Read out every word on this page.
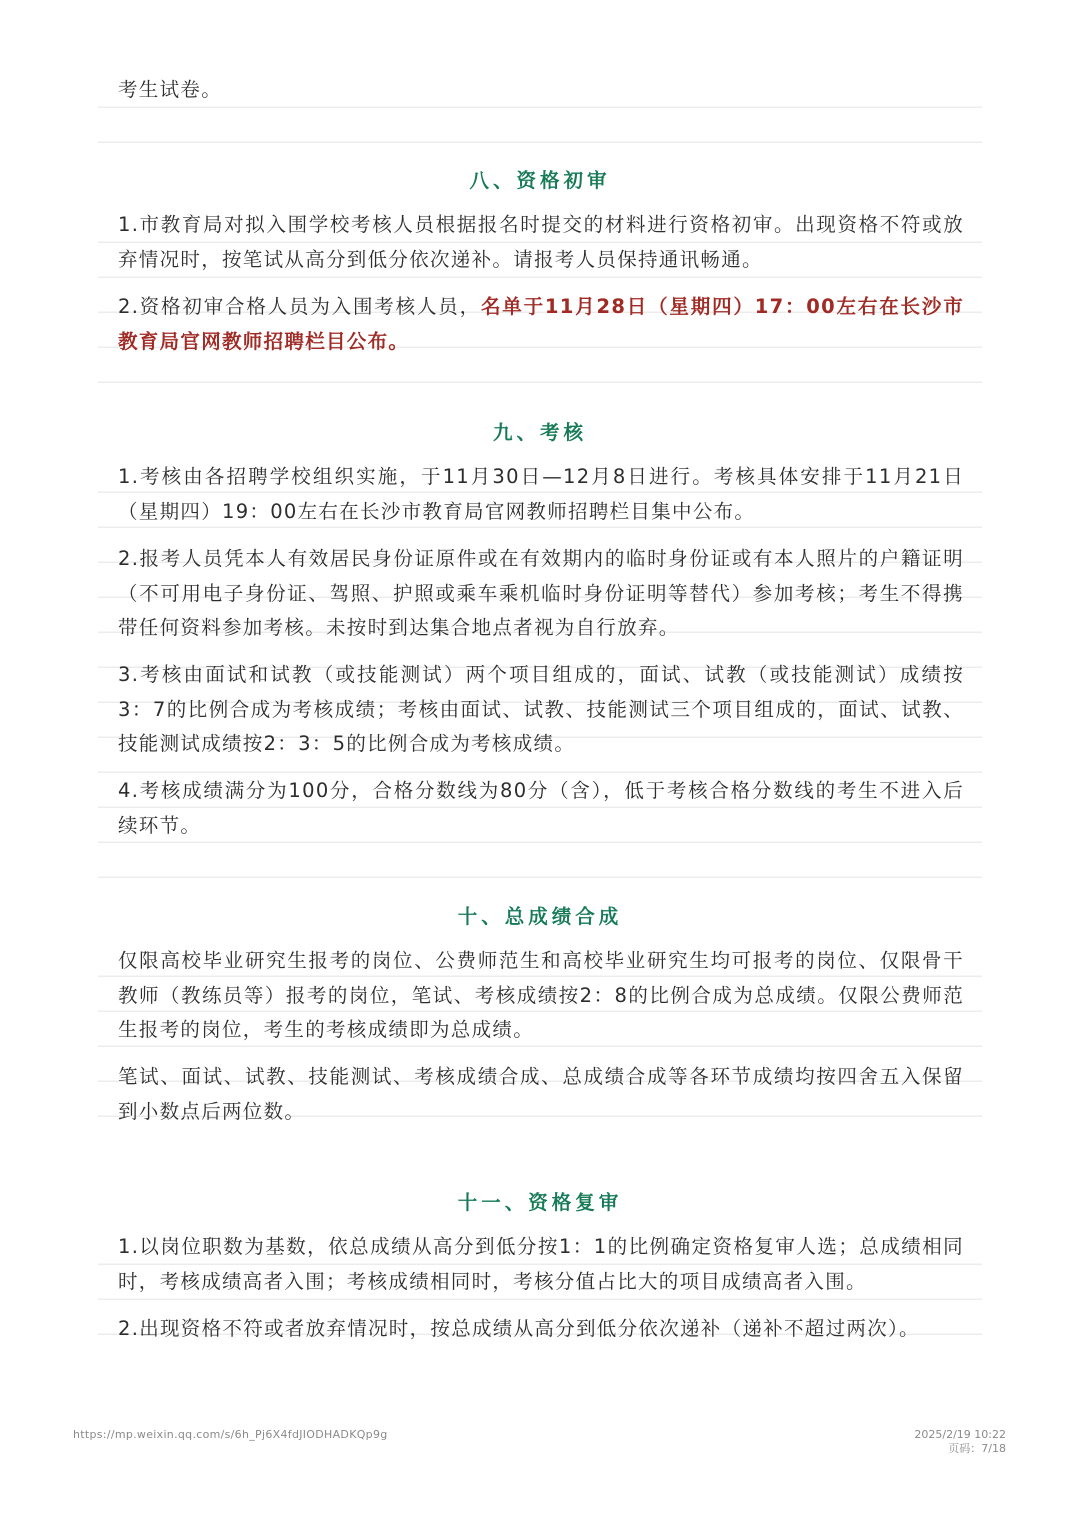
考生试卷。

八、资格初审

1.市教育局对拟入围学校考核人员根据报名时提交的材料进行资格初审。出现资格不符或放弃情况时，按笔试从高分到低分依次递补。请报考人员保持通讯畅通。

2.资格初审合格人员为入围考核人员，名单于11月28日（星期四）17：00左右在长沙市教育局官网教师招聘栏目公布。

九、考核

1.考核由各招聘学校组织实施，于11月30日—12月8日进行。考核具体安排于11月21日（星期四）19：00左右在长沙市教育局官网教师招聘栏目集中公布。

2.报考人员凭本人有效居民身份证原件或在有效期内的临时身份证或有本人照片的户籍证明（不可用电子身份证、驾照、护照或乘车乘机临时身份证明等替代）参加考核；考生不得携带任何资料参加考核。未按时到达集合地点者视为自行放弃。

3.考核由面试和试教（或技能测试）两个项目组成的，面试、试教（或技能测试）成绩按3：7的比例合成为考核成绩；考核由面试、试教、技能测试三个项目组成的，面试、试教、技能测试成绩按2：3：5的比例合成为考核成绩。

4.考核成绩满分为100分，合格分数线为80分（含），低于考核合格分数线的考生不进入后续环节。

十、总成绩合成

仅限高校毕业研究生报考的岗位、公费师范生和高校毕业研究生均可报考的岗位、仅限骨干教师（教练员等）报考的岗位，笔试、考核成绩按2：8的比例合成为总成绩。仅限公费师范生报考的岗位，考生的考核成绩即为总成绩。

笔试、面试、试教、技能测试、考核成绩合成、总成绩合成等各环节成绩均按四舍五入保留到小数点后两位数。

十一、资格复审

1.以岗位职数为基数，依总成绩从高分到低分按1：1的比例确定资格复审人选；总成绩相同时，考核成绩高者入围；考核成绩相同时，考核分值占比大的项目成绩高者入围。

2.出现资格不符或者放弃情况时，按总成绩从高分到低分依次递补（递补不超过两次）。

https://mp.weixin.qq.com/s/6h_Pj6X4fdJIODHADKQp9g	2025/2/19 10:22
页码：7/18
